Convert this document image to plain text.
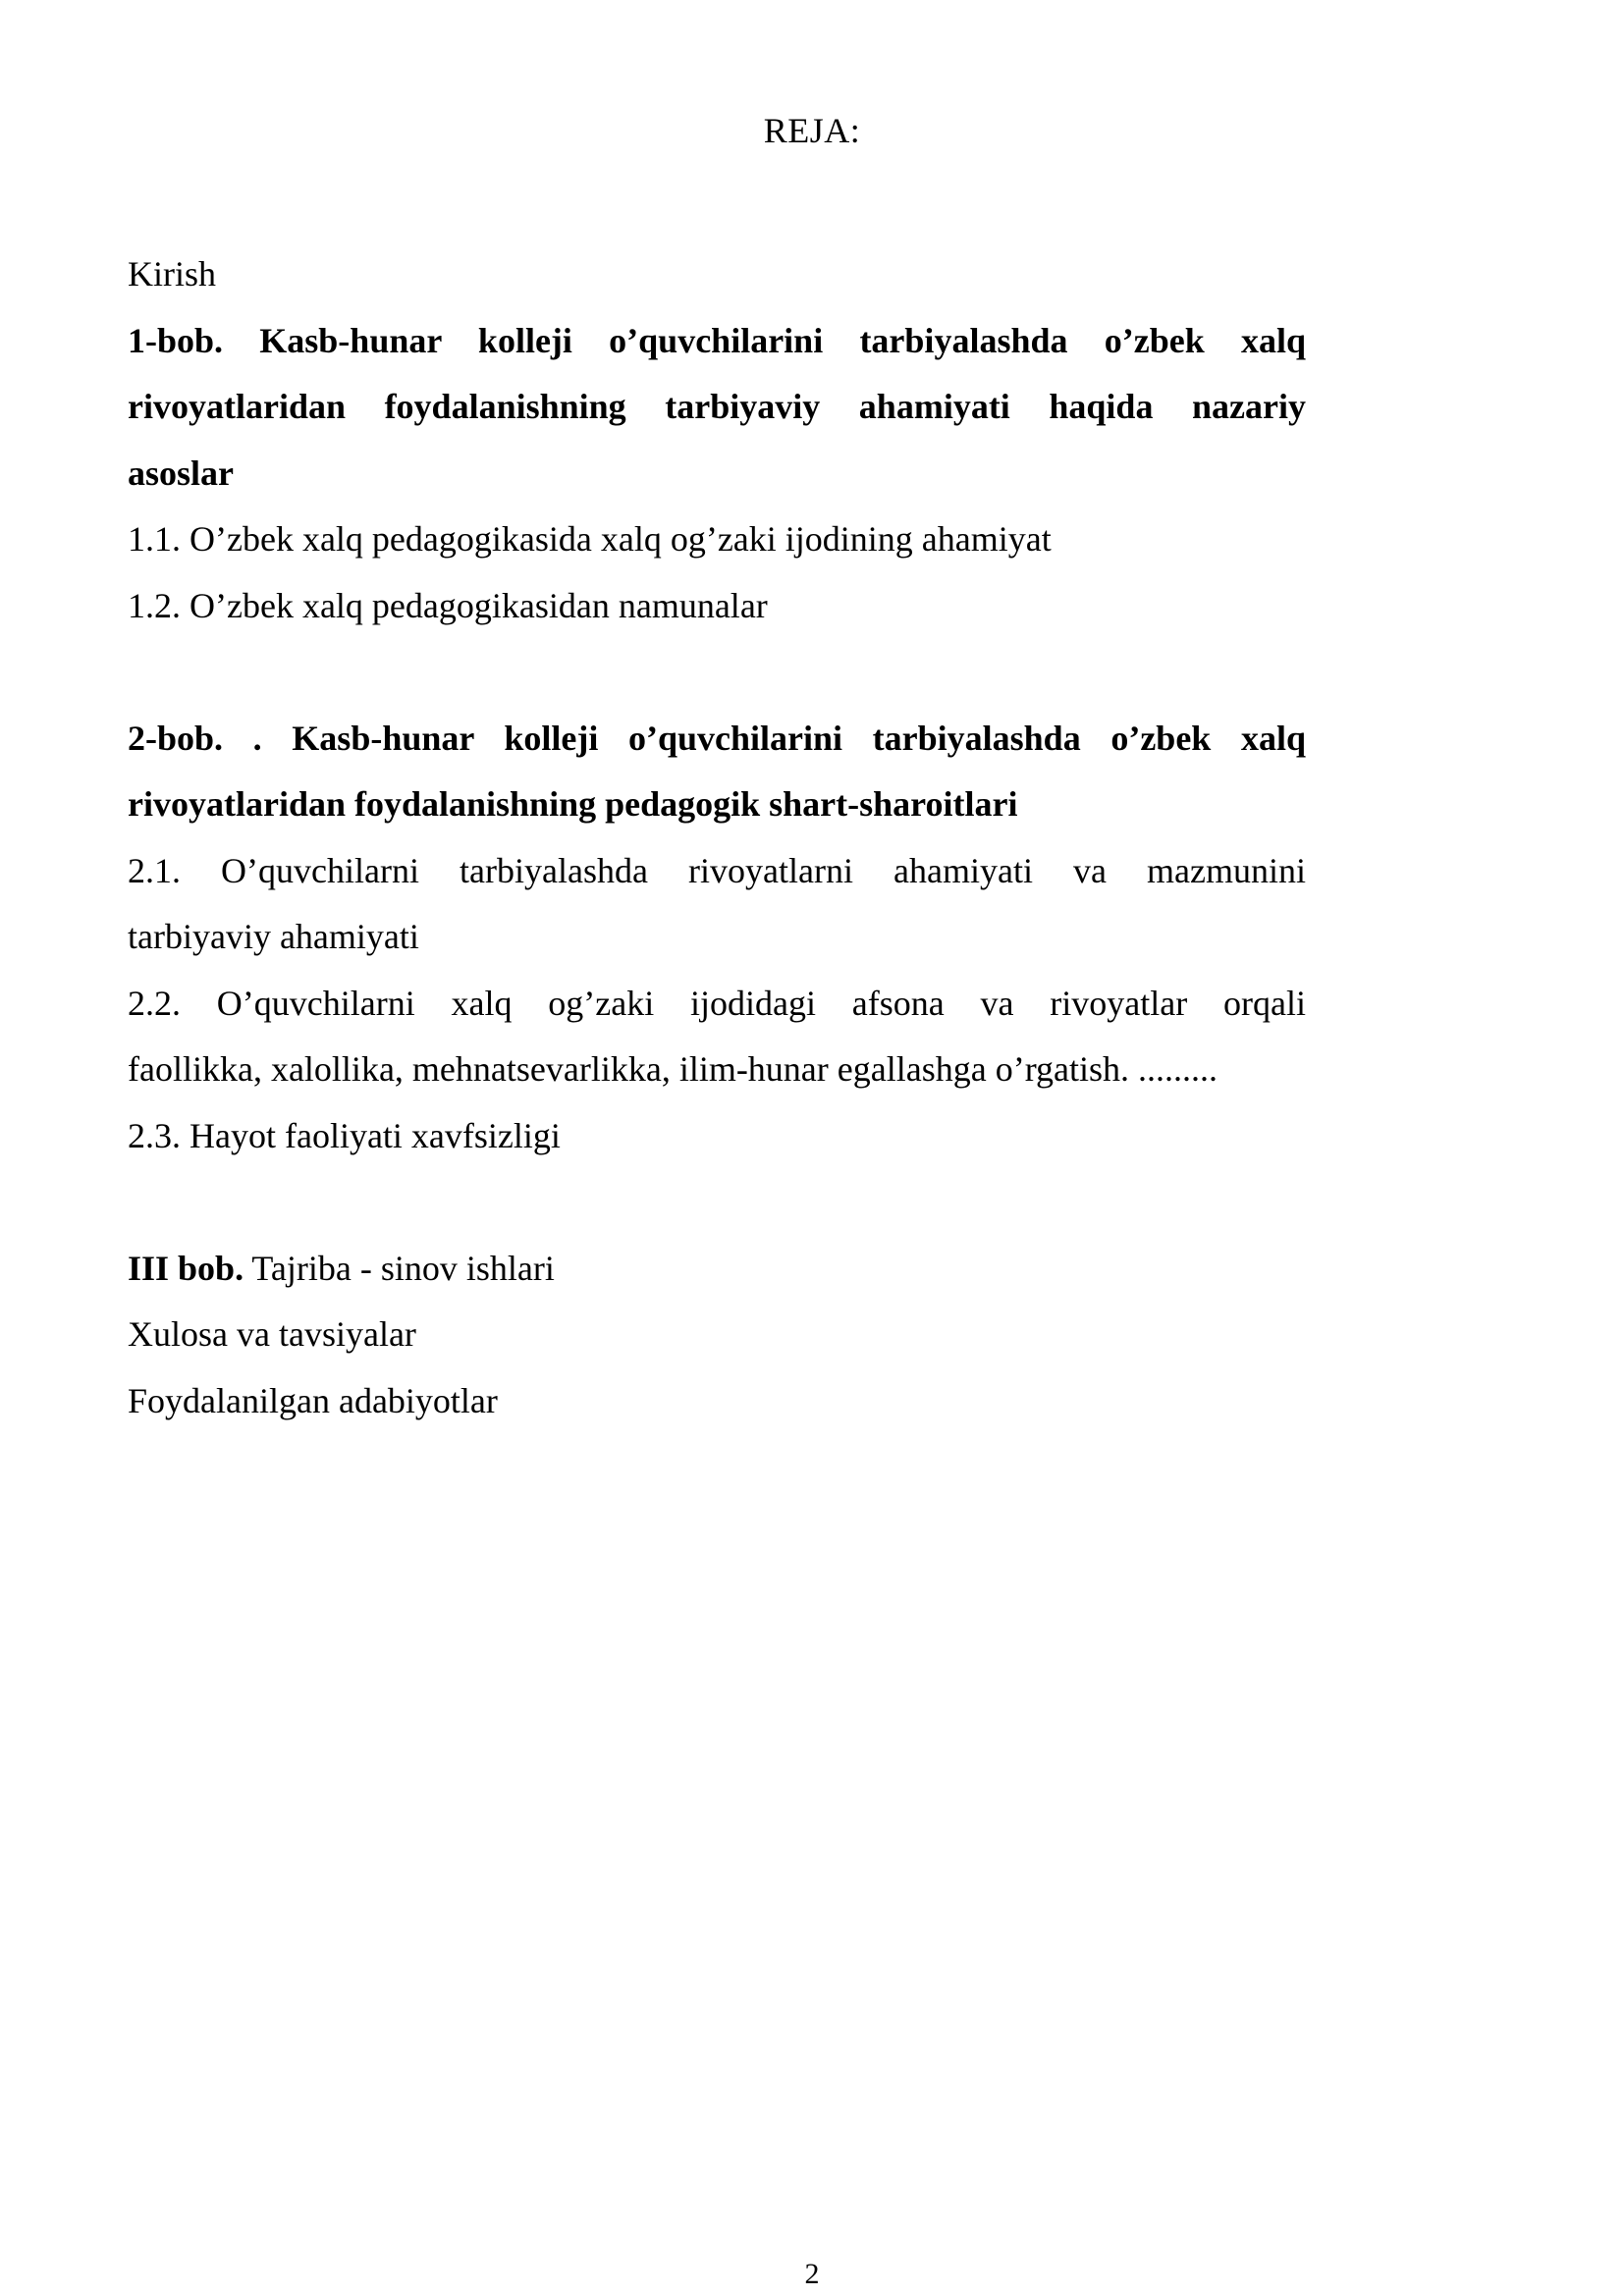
REJA:
Kirish
1-bob. Kasb-hunar kolleji o’quvchilarini tarbiyalashda o’zbek xalq
rivoyatlaridan foydalanishning tarbiyaviy ahamiyati haqida nazariy
asoslar
1.1. O’zbek xalq pedagogikasida xalq og’zaki ijodining ahamiyat
1.2. O’zbek xalq pedagogikasidan namunalar
2-bob. . Kasb-hunar kolleji o’quvchilarini tarbiyalashda o’zbek xalq
rivoyatlaridan foydalanishning pedagogik shart-sharoitlari
2.1. O’quvchilarni tarbiyalashda rivoyatlarni ahamiyati va mazmunini
tarbiyaviy ahamiyati
2.2. O’quvchilarni xalq og’zaki ijodidagi afsona va rivoyatlar orqali
faollikka, xalollika, mehnatsevarlikka, ilim-hunar egallashga o’rgatish. .........
2.3. Hayot faoliyati xavfsizligi
III bob. Tajriba - sinov ishlari
Xulosa va tavsiyalar
Foydalanilgan adabiyotlar
2
